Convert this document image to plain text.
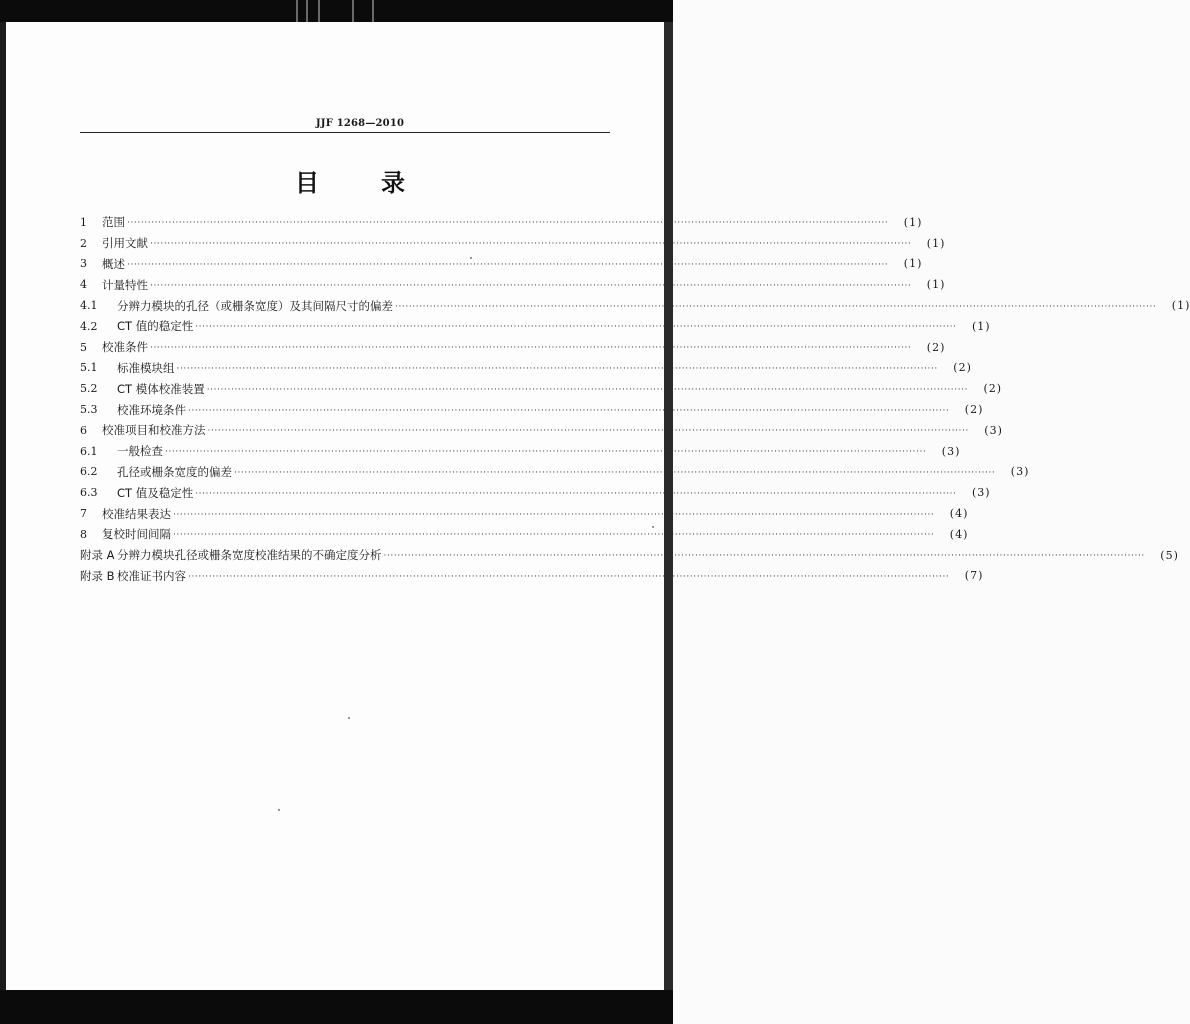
JJF 1268—2010
目	录
1	范围 ····························································································································································································································	(1)
2	引用文献 ····························································································································································································································	(1)
3	概述 ····························································································································································································································	(1)
4	计量特性 ····························································································································································································································	(1)
4.1	分辨力模块的孔径（或栅条宽度）及其间隔尺寸的偏差 ····························································································································································································································	(1)
4.2	CT 值的稳定性 ····························································································································································································································	(1)
5	校准条件 ····························································································································································································································	(2)
5.1	标准模块组 ····························································································································································································································	(2)
5.2	CT 模体校准装置 ····························································································································································································································	(2)
5.3	校准环境条件 ····························································································································································································································	(2)
6	校准项目和校准方法 ····························································································································································································································	(3)
6.1	一般检查 ····························································································································································································································	(3)
6.2	孔径或栅条宽度的偏差 ····························································································································································································································	(3)
6.3	CT 值及稳定性 ····························································································································································································································	(3)
7	校准结果表达 ····························································································································································································································	(4)
8	复校时间间隔 ····························································································································································································································	(4)
附录 A 分辨力模块孔径或栅条宽度校准结果的不确定度分析 ····························································································································································································································	(5)
附录 B 校准证书内容 ····························································································································································································································	(7)
